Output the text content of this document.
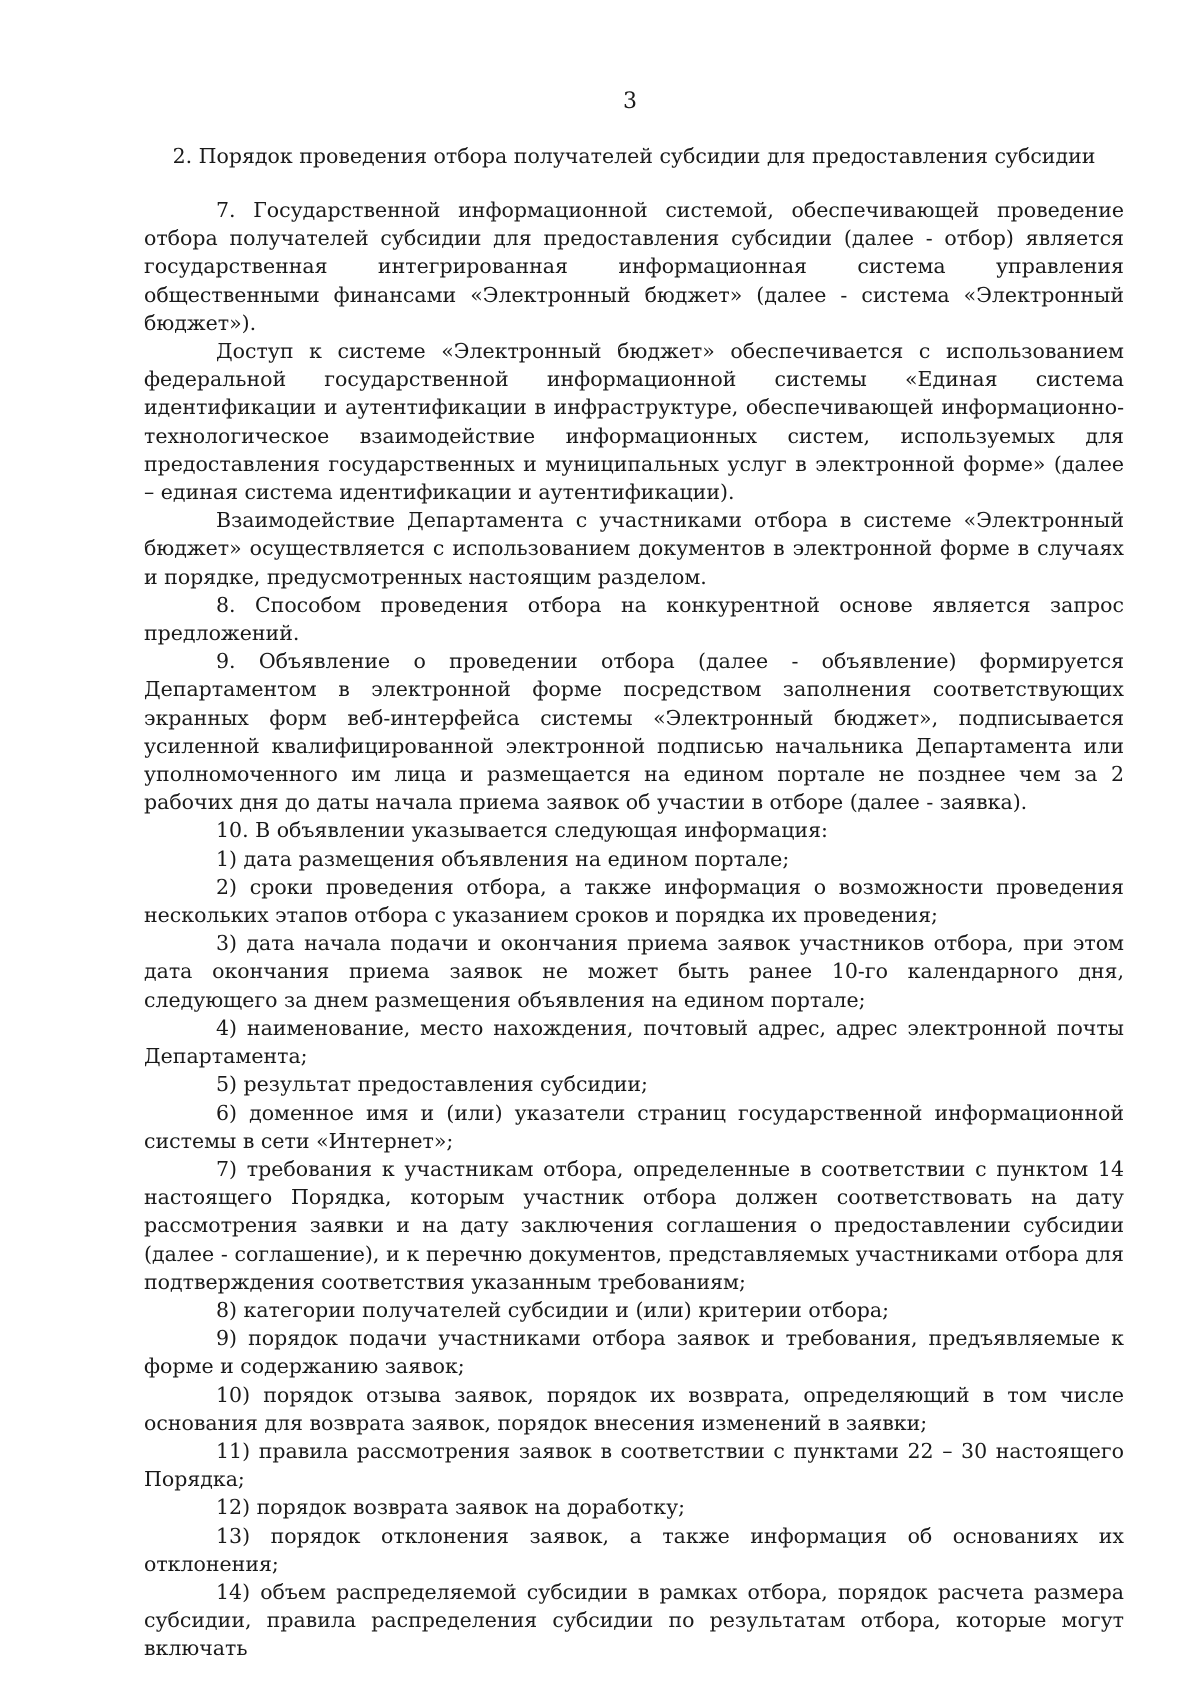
3
2. Порядок проведения отбора получателей субсидии для предоставления субсидии

7. Государственной информационной системой, обеспечивающей проведение отбора получателей субсидии для предоставления субсидии (далее - отбор) является государственная интегрированная информационная система управления общественными финансами «Электронный бюджет» (далее - система «Электронный бюджет»).

Доступ к системе «Электронный бюджет» обеспечивается с использованием федеральной государственной информационной системы «Единая система идентификации и аутентификации в инфраструктуре, обеспечивающей информационно-технологическое взаимодействие информационных систем, используемых для предоставления государственных и муниципальных услуг в электронной форме» (далее – единая система идентификации и аутентификации).

Взаимодействие Департамента с участниками отбора в системе «Электронный бюджет» осуществляется с использованием документов в электронной форме в случаях и порядке, предусмотренных настоящим разделом.

8. Способом проведения отбора на конкурентной основе является запрос предложений.

9. Объявление о проведении отбора (далее - объявление) формируется Департаментом в электронной форме посредством заполнения соответствующих экранных форм веб-интерфейса системы «Электронный бюджет», подписывается усиленной квалифицированной электронной подписью начальника Департамента или уполномоченного им лица и размещается на едином портале не позднее чем за 2 рабочих дня до даты начала приема заявок об участии в отборе (далее - заявка).

10. В объявлении указывается следующая информация:

1) дата размещения объявления на едином портале;

2) сроки проведения отбора, а также информация о возможности проведения нескольких этапов отбора с указанием сроков и порядка их проведения;

3) дата начала подачи и окончания приема заявок участников отбора, при этом дата окончания приема заявок не может быть ранее 10-го календарного дня, следующего за днем размещения объявления на едином портале;

4) наименование, место нахождения, почтовый адрес, адрес электронной почты Департамента;

5) результат предоставления субсидии;

6) доменное имя и (или) указатели страниц государственной информационной системы в сети «Интернет»;

7) требования к участникам отбора, определенные в соответствии с пунктом 14 настоящего Порядка, которым участник отбора должен соответствовать на дату рассмотрения заявки и на дату заключения соглашения о предоставлении субсидии (далее - соглашение), и к перечню документов, представляемых участниками отбора для подтверждения соответствия указанным требованиям;

8) категории получателей субсидии и (или) критерии отбора;

9) порядок подачи участниками отбора заявок и требования, предъявляемые к форме и содержанию заявок;

10) порядок отзыва заявок, порядок их возврата, определяющий в том числе основания для возврата заявок, порядок внесения изменений в заявки;

11) правила рассмотрения заявок в соответствии с пунктами 22 – 30 настоящего Порядка;

12) порядок возврата заявок на доработку;

13) порядок отклонения заявок, а также информация об основаниях их отклонения;

14) объем распределяемой субсидии в рамках отбора, порядок расчета размера субсидии, правила распределения субсидии по результатам отбора, которые могут включать
